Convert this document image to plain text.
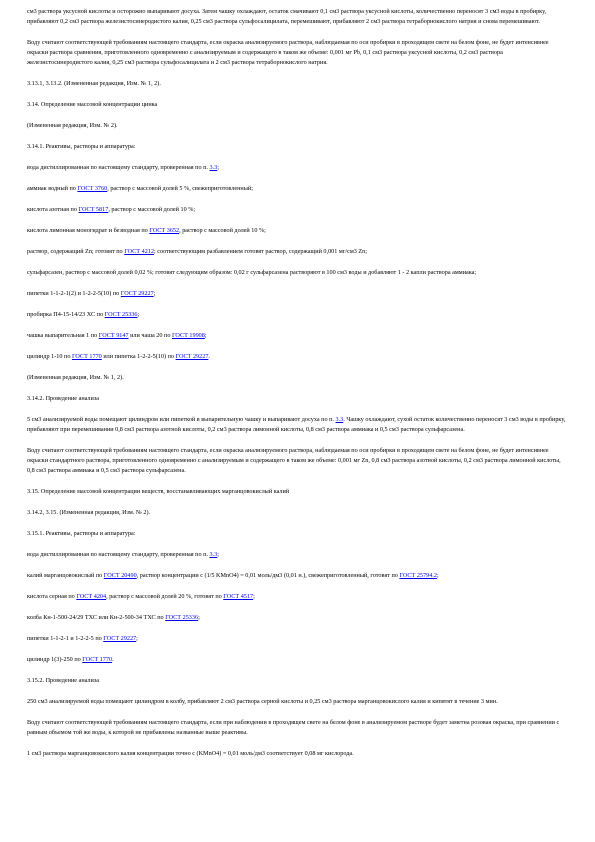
см3 раствора уксусной кислоты и осторожно выпаривают досуха. Затем чашку охлаждают, остаток смачивают 0,1 см3 раствора уксусной кислоты, количественно переносят 3 см3 воды в пробирку, прибавляют 0,2 см3 раствора железистосинеродистого калия, 0,25 см3 раствора сульфосалицилата, перемешивают, прибавляют 2 см3 раствора тетраборнокислого натрия и снова перемешивают.

Воду считают соответствующей требованиям настоящего стандарта, если окраска анализируемого раствора, наблюдаемая по оси пробирки в проходящем свете на белом фоне, не будет интенсивнее окраски раствора сравнения, приготовленного одновременно с анализируемым и содержащего в таком же объеме: 0,001 мг Pb, 0,1 см3 раствора уксусной кислоты, 0,2 см3 раствора железистосинеродистого калия, 0,25 см3 раствора сульфосалицилата и 2 см3 раствора тетраборнокислого натрия.

3.13.1, 3.13.2. (Измененная редакция, Изм. № 1, 2).

3.14. Определение массовой концентрации цинка

(Измененная редакция, Изм. № 2).

3.14.1. Реактивы, растворы и аппаратура:

вода дистиллированная по настоящему стандарту, проверенная по п. 3.3;

аммиак водный по ГОСТ 3760, раствор с массовой долей 5 %, свежеприготовленный;

кислота азотная по ГОСТ 5817, раствор с массовой долей 10 %;

кислота лимонная моногидрат и безводная по ГОСТ 3652, раствор с массовой долей 10 %;

раствор, содержащий Zn; готовят по ГОСТ 4212; соответствующим разбавлением готовят раствор, содержащий 0,001 мг/см3 Zn;

сульфарсазен, раствор с массовой долей 0,02 %; готовят следующим образом: 0,02 г сульфарсазена растворяют в 100 см3 воды и добавляют 1 - 2 капли раствора аммиака;

пипетки 1-1-2-1(2) и 1-2-2-5(10) по ГОСТ 29227;

пробирка П4-15-14/23 ХС по ГОСТ 25336;

чашка выпарительная 1 по ГОСТ 9147 или чаша 20 по ГОСТ 19908;

цилиндр 1-10 по ГОСТ 1770 или пипетка 1-2-2-5(10) по ГОСТ 29227.

(Измененная редакция, Изм. № 1, 2).

3.14.2. Проведение анализа

5 см3 анализируемой воды помещают цилиндром или пипеткой в выпарительную чашку и выпаривают досуха по п. 3.3. Чашку охлаждают, сухой остаток количественно переносят 3 см3 воды в пробирку, прибавляют при перемешивании 0,8 см3 раствора азотной кислоты, 0,2 см3 раствора лимонной кислоты, 0,8 см3 раствора аммиака и 0,5 см3 раствора сульфарсазена.

Воду считают соответствующей требованиям настоящего стандарта, если окраска анализируемого раствора, наблюдаемая по оси пробирки в проходящем свете на белом фоне, не будет интенсивнее окраски стандартного раствора, приготовленного одновременно с анализируемым и содержащего в таком же объеме: 0,001 мг Zn, 0,8 см3 раствора азотной кислоты, 0,2 см3 раствора лимонной кислоты, 0,8 см3 раствора аммиака и 0,5 см3 раствора сульфарсазена.

3.15. Определение массовой концентрации веществ, восстанавливающих марганцовокислый калий

3.14.2, 3.15. (Измененная редакция, Изм. № 2).

3.15.1. Реактивы, растворы и аппаратура:

вода дистиллированная по настоящему стандарту, проверенная по п. 3.3;

калий марганцовокислый по ГОСТ 20490, раствор концентрации с (1/5 KMnO4) = 0,01 моль/дм3 (0,01 н.), свежеприготовленный, готовят по ГОСТ 25794.2;

кислота серная по ГОСТ 4204, раствор с массовой долей 20 %, готовят по ГОСТ 4517;

колба Кн-1-500-24/29 ТХС или Кн-2-500-34 ТХС по ГОСТ 25336;

пипетки 1-1-2-1 и 1-2-2-5 по ГОСТ 29227;

цилиндр 1(3)-250 по ГОСТ 1770.

3.15.2. Проведение анализа

250 см3 анализируемой воды помещают цилиндром в колбу, прибавляют 2 см3 раствора серной кислоты и 0,25 см3 раствора марганцовокислого калия и кипятят в течение 3 мин.

Воду считают соответствующей требованиям настоящего стандарта, если при наблюдении в проходящем свете на белом фоне в анализируемом растворе будет заметна розовая окраска, при сравнении с равным объемом той же воды, к которой не прибавлены названные выше реактивы.

1 см3 раствора марганцовокислого калия концентрации точно с (KMnO4) = 0,01 моль/дм3 соответствует 0,08 мг кислорода.
